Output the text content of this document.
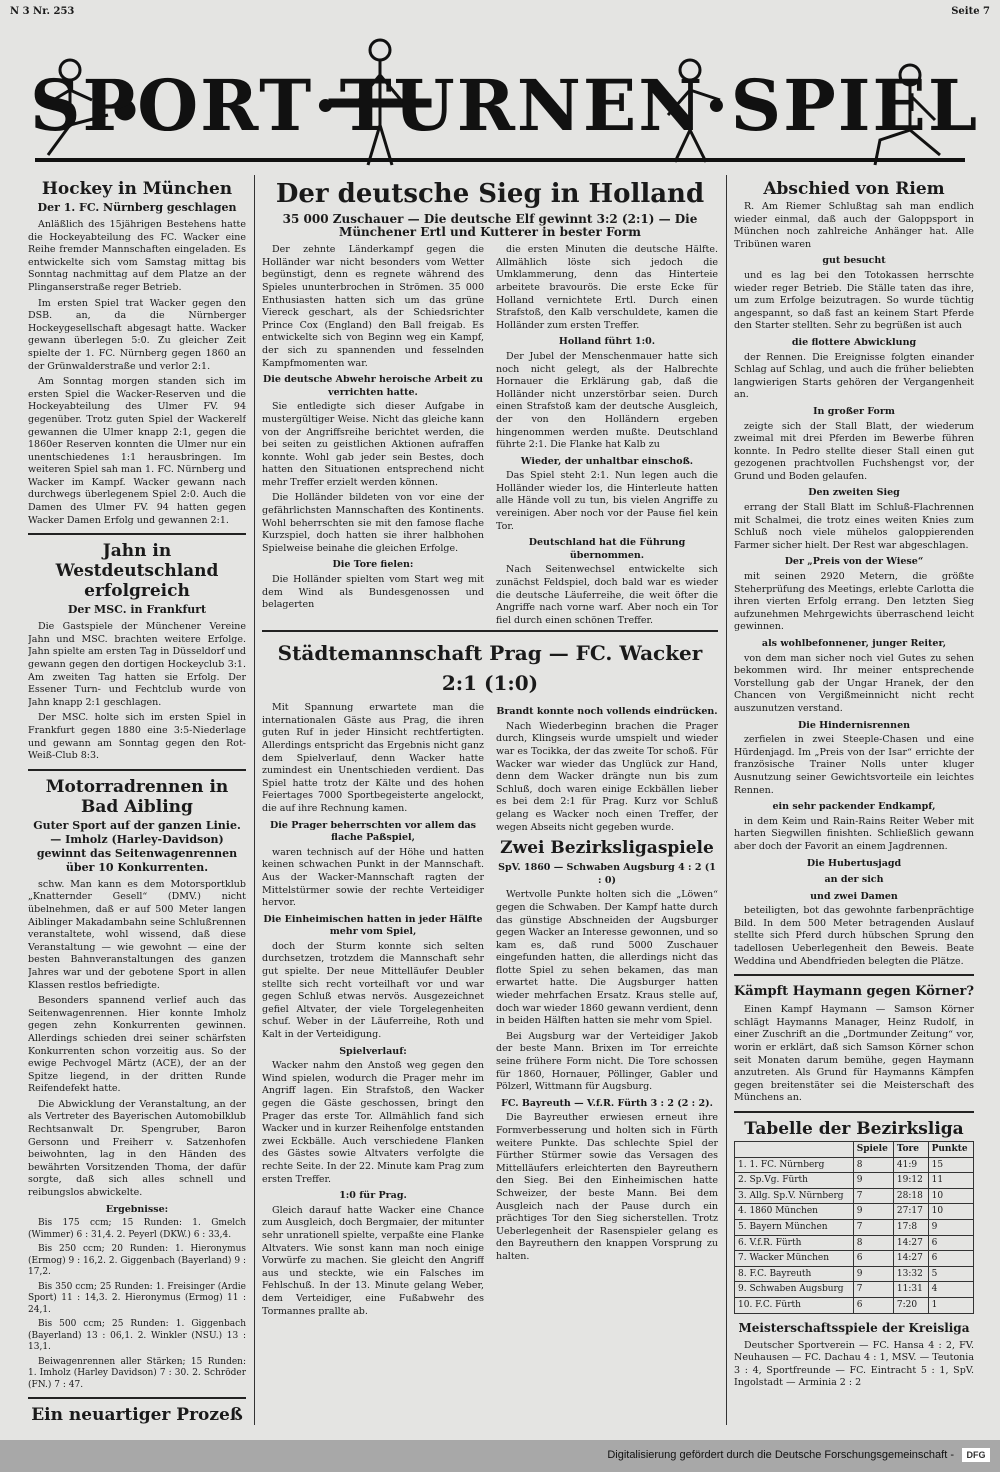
N 3 Nr. 253	Seite 7
SPORT·TURNEN·SPIEL
Hockey in München
Der 1. FC. Nürnberg geschlagen

Anläßlich des 15jährigen Bestehens hatte die Hockeyabteilung des FC. Wacker eine Reihe fremder Mannschaften eingeladen. Es entwickelte sich vom Samstag mittag bis Sonntag nachmittag auf dem Platze an der Plinganserstraße reger Betrieb.

Im ersten Spiel trat Wacker gegen den DSB. an, da die Nürnberger Hockeygesellschaft abgesagt hatte. Wacker gewann überlegen 5:0. Zu gleicher Zeit spielte der 1. FC. Nürnberg gegen 1860 an der Grünwalderstraße und verlor 2:1.

Am Sonntag morgen standen sich im ersten Spiel die Wacker-Reserven und die Hockeyabteilung des Ulmer FV. 94 gegenüber. Trotz guten Spiel der Wackerelf gewannen die Ulmer knapp 2:1, gegen die 1860er Reserven konnten die Ulmer nur ein unentschiedenes 1:1 herausbringen. Im weiteren Spiel sah man 1. FC. Nürnberg und Wacker im Kampf. Wacker gewann nach durchwegs überlegenem Spiel 2:0. Auch die Damen des Ulmer FV. 94 hatten gegen Wacker Damen Erfolg und gewannen 2:1.

Jahn in Westdeutschland erfolgreich
Der MSC. in Frankfurt

Die Gastspiele der Münchener Vereine Jahn und MSC. brachten weitere Erfolge. Jahn spielte am ersten Tag in Düsseldorf und gewann gegen den dortigen Hockeyclub 3:1. Am zweiten Tag hatten sie Erfolg. Der Essener Turn- und Fechtclub wurde von Jahn knapp 2:1 geschlagen.

Der MSC. holte sich im ersten Spiel in Frankfurt gegen 1880 eine 3:5-Niederlage und gewann am Sonntag gegen den Rot-Weiß-Club 8:3.

Motorradrennen in Bad Aibling
Guter Sport auf der ganzen Linie. — Imholz (Harley-Davidson) gewinnt das Seitenwagenrennen über 10 Konkurrenten.

schw. Man kann es dem Motorsportklub „Knatternder Gesell“ (DMV.) nicht übelnehmen, daß er auf 500 Meter langen Aiblinger Makadambahn seine Schlußrennen veranstaltete, wohl wissend, daß diese Veranstaltung — wie gewohnt — eine der besten Bahnveranstaltungen des ganzen Jahres war und der gebotene Sport in allen Klassen restlos befriedigte.

Besonders spannend verlief auch das Seitenwagenrennen. Hier konnte Imholz gegen zehn Konkurrenten gewinnen. Allerdings schieden drei seiner schärfsten Konkurrenten schon vorzeitig aus. So der ewige Pechvogel Märtz (ACE), der an der Spitze liegend, in der dritten Runde Reifendefekt hatte.

Die Abwicklung der Veranstaltung, an der als Vertreter des Bayerischen Automobilklub Rechtsanwalt Dr. Spengruber, Baron Gersonn und Freiherr v. Satzenhofen beiwohnten, lag in den Händen des bewährten Vorsitzenden Thoma, der dafür sorgte, daß sich alles schnell und reibungslos abwickelte.

Ergebnisse:

Bis 175 ccm; 15 Runden: 1. Gmelch (Wimmer) 6 : 31,4. 2. Peyerl (DKW.) 6 : 33,4.

Bis 250 ccm; 20 Runden: 1. Hieronymus (Ermog) 9 : 16,2. 2. Giggenbach (Bayerland) 9 : 17,2.

Bis 350 ccm; 25 Runden: 1. Freisinger (Ardie Sport) 11 : 14,3. 2. Hieronymus (Ermog) 11 : 24,1.

Bis 500 ccm; 25 Runden: 1. Giggenbach (Bayerland) 13 : 06,1. 2. Winkler (NSU.) 13 : 13,1.

Beiwagenrennen aller Stärken; 15 Runden: 1. Imholz (Harley Davidson) 7 : 30. 2. Schröder (FN.) 7 : 47.

Ein neuartiger Prozeß

Der deutsche Sieg in Holland
35 000 Zuschauer — Die deutsche Elf gewinnt 3:2 (2:1) — Die Münchener Ertl und Kutterer in bester Form

Der zehnte Länderkampf gegen die Holländer war nicht besonders vom Wetter begünstigt, denn es regnete während des Spieles ununterbrochen in Strömen. 35 000 Enthusiasten hatten sich um das grüne Viereck geschart, als der Schiedsrichter Prince Cox (England) den Ball freigab. Es entwickelte sich von Beginn weg ein Kampf, der sich zu spannenden und fesselnden Kampfmomenten war.

Die deutsche Abwehr heroische Arbeit zu verrichten hatte.

Sie entledigte sich dieser Aufgabe in mustergültiger Weise. Nicht das gleiche kann von der Angriffsreihe berichtet werden, die bei seiten zu geistlichen Aktionen aufraffen konnte. Wohl gab jeder sein Bestes, doch hatten den Situationen entsprechend nicht mehr Treffer erzielt werden können.

Die Holländer bildeten von vor eine der gefährlichsten Mannschaften des Kontinents. Wohl beherrschten sie mit den famose flache Kurzspiel, doch hatten sie ihrer halbhohen Spielweise beinahe die gleichen Erfolge.

Die Tore fielen:

Die Holländer spielten vom Start weg mit dem Wind als Bundesgenossen und belagerten

die ersten Minuten die deutsche Hälfte. Allmählich löste sich jedoch die Umklammerung, denn das Hinterteie arbeitete bravourös. Die erste Ecke für Holland vernichtete Ertl. Durch einen Strafstoß, den Kalb verschuldete, kamen die Holländer zum ersten Treffer.

Holland führt 1:0.

Der Jubel der Menschenmauer hatte sich noch nicht gelegt, als der Halbrechte Hornauer die Erklärung gab, daß die Holländer nicht unzerstörbar seien. Durch einen Strafstoß kam der deutsche Ausgleich, der von den Holländern ergeben hingenommen werden mußte. Deutschland führte 2:1. Die Flanke hat Kalb zu

Wieder, der unhaltbar einschoß.

Das Spiel steht 2:1. Nun legen auch die Holländer wieder los, die Hinterleute hatten alle Hände voll zu tun, bis vielen Angriffe zu vereinigen. Aber noch vor der Pause fiel kein Tor.

Deutschland hat die Führung übernommen.

Nach Seitenwechsel entwickelte sich zunächst Feldspiel, doch bald war es wieder die deutsche Läuferreihe, die weit öfter die Angriffe nach vorne warf. Aber noch ein Tor fiel durch einen schönen Treffer.

Städtemannschaft Prag — FC. Wacker 2:1 (1:0)

Mit Spannung erwartete man die internationalen Gäste aus Prag, die ihren guten Ruf in jeder Hinsicht rechtfertigten. Allerdings entspricht das Ergebnis nicht ganz dem Spielverlauf, denn Wacker hatte zumindest ein Unentschieden verdient. Das Spiel hatte trotz der Kälte und des hohen Feiertages 7000 Sportbegeisterte angelockt, die auf ihre Rechnung kamen.

Die Prager beherrschten vor allem das flache Paßspiel,

waren technisch auf der Höhe und hatten keinen schwachen Punkt in der Mannschaft. Aus der Wacker-Mannschaft ragten der Mittelstürmer sowie der rechte Verteidiger hervor.

Die Einheimischen hatten in jeder Hälfte mehr vom Spiel,

doch der Sturm konnte sich selten durchsetzen, trotzdem die Mannschaft sehr gut spielte. Der neue Mittelläufer Deubler stellte sich recht vorteilhaft vor und war gegen Schluß etwas nervös. Ausgezeichnet gefiel Altvater, der viele Torgelegenheiten schuf. Weber in der Läuferreihe, Roth und Kalt in der Verteidigung.

Spielverlauf:

Wacker nahm den Anstoß weg gegen den Wind spielen, wodurch die Prager mehr im Angriff lagen. Ein Strafstoß, den Wacker gegen die Gäste geschossen, bringt den Prager das erste Tor. Allmählich fand sich Wacker und in kurzer Reihenfolge entstanden zwei Eckbälle. Auch verschiedene Flanken des Gästes sowie Altvaters verfolgte die rechte Seite. In der 22. Minute kam Prag zum ersten Treffer.

1:0 für Prag.

Gleich darauf hatte Wacker eine Chance zum Ausgleich, doch Bergmaier, der mitunter sehr unrationell spielte, verpaßte eine Flanke Altvaters. Wie sonst kann man noch einige Vorwürfe zu machen. Sie gleicht den Angriff aus und steckte, wie ein Falsches im Fehlschuß. In der 13. Minute gelang Weber, dem Verteidiger, eine Fußabwehr des Tormannes prallte ab.

Brandt konnte noch vollends eindrücken.

Nach Wiederbeginn brachen die Prager durch, Klingseis wurde umspielt und wieder war es Tocikka, der das zweite Tor schoß. Für Wacker war wieder das Unglück zur Hand, denn dem Wacker drängte nun bis zum Schluß, doch waren einige Eckbällen lieber es bei dem 2:1 für Prag. Kurz vor Schluß gelang es Wacker noch einen Treffer, der wegen Abseits nicht gegeben wurde.

Zwei Bezirksligaspiele
SpV. 1860 — Schwaben Augsburg 4 : 2 (1 : 0)

Wertvolle Punkte holten sich die „Löwen“ gegen die Schwaben. Der Kampf hatte durch das günstige Abschneiden der Augsburger gegen Wacker an Interesse gewonnen, und so kam es, daß rund 5000 Zuschauer eingefunden hatten, die allerdings nicht das flotte Spiel zu sehen bekamen, das man erwartet hatte. Die Augsburger hatten wieder mehrfachen Ersatz. Kraus stelle auf, doch war wieder 1860 gewann verdient, denn in beiden Hälften hatten sie mehr vom Spiel.

Bei Augsburg war der Verteidiger Jakob der beste Mann. Brixen im Tor erreichte seine frühere Form nicht. Die Tore schossen für 1860, Hornauer, Pöllinger, Gabler und Pölzerl, Wittmann für Augsburg.

FC. Bayreuth — V.f.R. Fürth 3 : 2 (2 : 2).

Die Bayreuther erwiesen erneut ihre Formverbesserung und holten sich in Fürth weitere Punkte. Das schlechte Spiel der Fürther Stürmer sowie das Versagen des Mittelläufers erleichterten den Bayreuthern den Sieg. Bei den Einheimischen hatte Schweizer, der beste Mann. Bei dem Ausgleich nach der Pause durch ein prächtiges Tor den Sieg sicherstellen. Trotz Ueberlegenheit der Rasenspieler gelang es den Bayreuthern den knappen Vorsprung zu halten.

Abschied von Riem

R. Am Riemer Schlußtag sah man endlich wieder einmal, daß auch der Galoppsport in München noch zahlreiche Anhänger hat. Alle Tribünen waren

gut besucht

und es lag bei den Totokassen herrschte wieder reger Betrieb. Die Ställe taten das ihre, um zum Erfolge beizutragen. So wurde tüchtig angespannt, so daß fast an keinem Start Pferde den Starter stellten. Sehr zu begrüßen ist auch

die flottere Abwicklung

der Rennen. Die Ereignisse folgten einander Schlag auf Schlag, und auch die früher beliebten langwierigen Starts gehören der Vergangenheit an.

In großer Form

zeigte sich der Stall Blatt, der wiederum zweimal mit drei Pferden im Bewerbe führen konnte. In Pedro stellte dieser Stall einen gut gezogenen prachtvollen Fuchshengst vor, der Grund und Boden gelaufen.

Den zweiten Sieg

errang der Stall Blatt im Schluß-Flachrennen mit Schalmei, die trotz eines weiten Knies zum Schluß noch viele mühelos galoppierenden Farmer sicher hielt. Der Rest war abgeschlagen.

Der „Preis von der Wiese“

mit seinen 2920 Metern, die größte Steherprüfung des Meetings, erlebte Carlotta die ihren vierten Erfolg errang. Den letzten Sieg aufzunehmen Mehrgewichts überraschend leicht gewinnen.

als wohlbefonnener, junger Reiter,

von dem man sicher noch viel Gutes zu sehen bekommen wird. Ihr meiner entsprechende Vorstellung gab der Ungar Hranek, der den Chancen von Vergißmeinnicht nicht recht auszunutzen verstand.

Die Hindernisrennen

zerfielen in zwei Steeple-Chasen und eine Hürdenjagd. Im „Preis von der Isar“ errichte der französische Trainer Nolls unter kluger Ausnutzung seiner Gewichtsvorteile ein leichtes Rennen.

ein sehr packender Endkampf,

in dem Keim und Rain-Rains Reiter Weber mit harten Siegwillen finishten. Schließlich gewann aber doch der Favorit an einem Jagdrennen.

Die Hubertusjagd
an der sich
und zwei Damen

beteiligten, bot das gewohnte farbenprächtige Bild. In dem 500 Meter betragenden Auslauf stellte sich Pferd durch hübschen Sprung den tadellosen Ueberlegenheit den Beweis. Beate Weddina und Abendfrieden belegten die Plätze.

Kämpft Haymann gegen Körner?

Einen Kampf Haymann — Samson Körner schlägt Haymanns Manager, Heinz Rudolf, in einer Zuschrift an die „Dortmunder Zeitung“ vor, worin er erklärt, daß sich Samson Körner schon seit Monaten darum bemühe, gegen Haymann anzutreten. Als Grund für Haymanns Kämpfen gegen breitenstäter sei die Meisterschaft des Münchens an.

Tabelle der Bezirksliga
	Spiele	Tore	Punkte
1. 1. FC. Nürnberg	8	41:9	15
2. Sp.Vg. Fürth	9	19:12	11
3. Allg. Sp.V. Nürnberg	7	28:18	10
4. 1860 München	9	27:17	10
5. Bayern München	7	17:8	9
6. V.f.R. Fürth	8	14:27	6
7. Wacker München	6	14:27	6
8. F.C. Bayreuth	9	13:32	5
9. Schwaben Augsburg	7	11:31	4
10. F.C. Fürth	6	7:20	1
Meisterschaftsspiele der Kreisliga

Deutscher Sportverein — FC. Hansa 4 : 2, FV. Neuhausen — FC. Dachau 4 : 1, MSV. — Teutonia 3 : 4, Sportfreunde — FC. Eintracht 5 : 1, SpV. Ingolstadt — Arminia 2 : 2

Digitalisierung gefördert durch die Deutsche Forschungsgemeinschaft -	DFG
